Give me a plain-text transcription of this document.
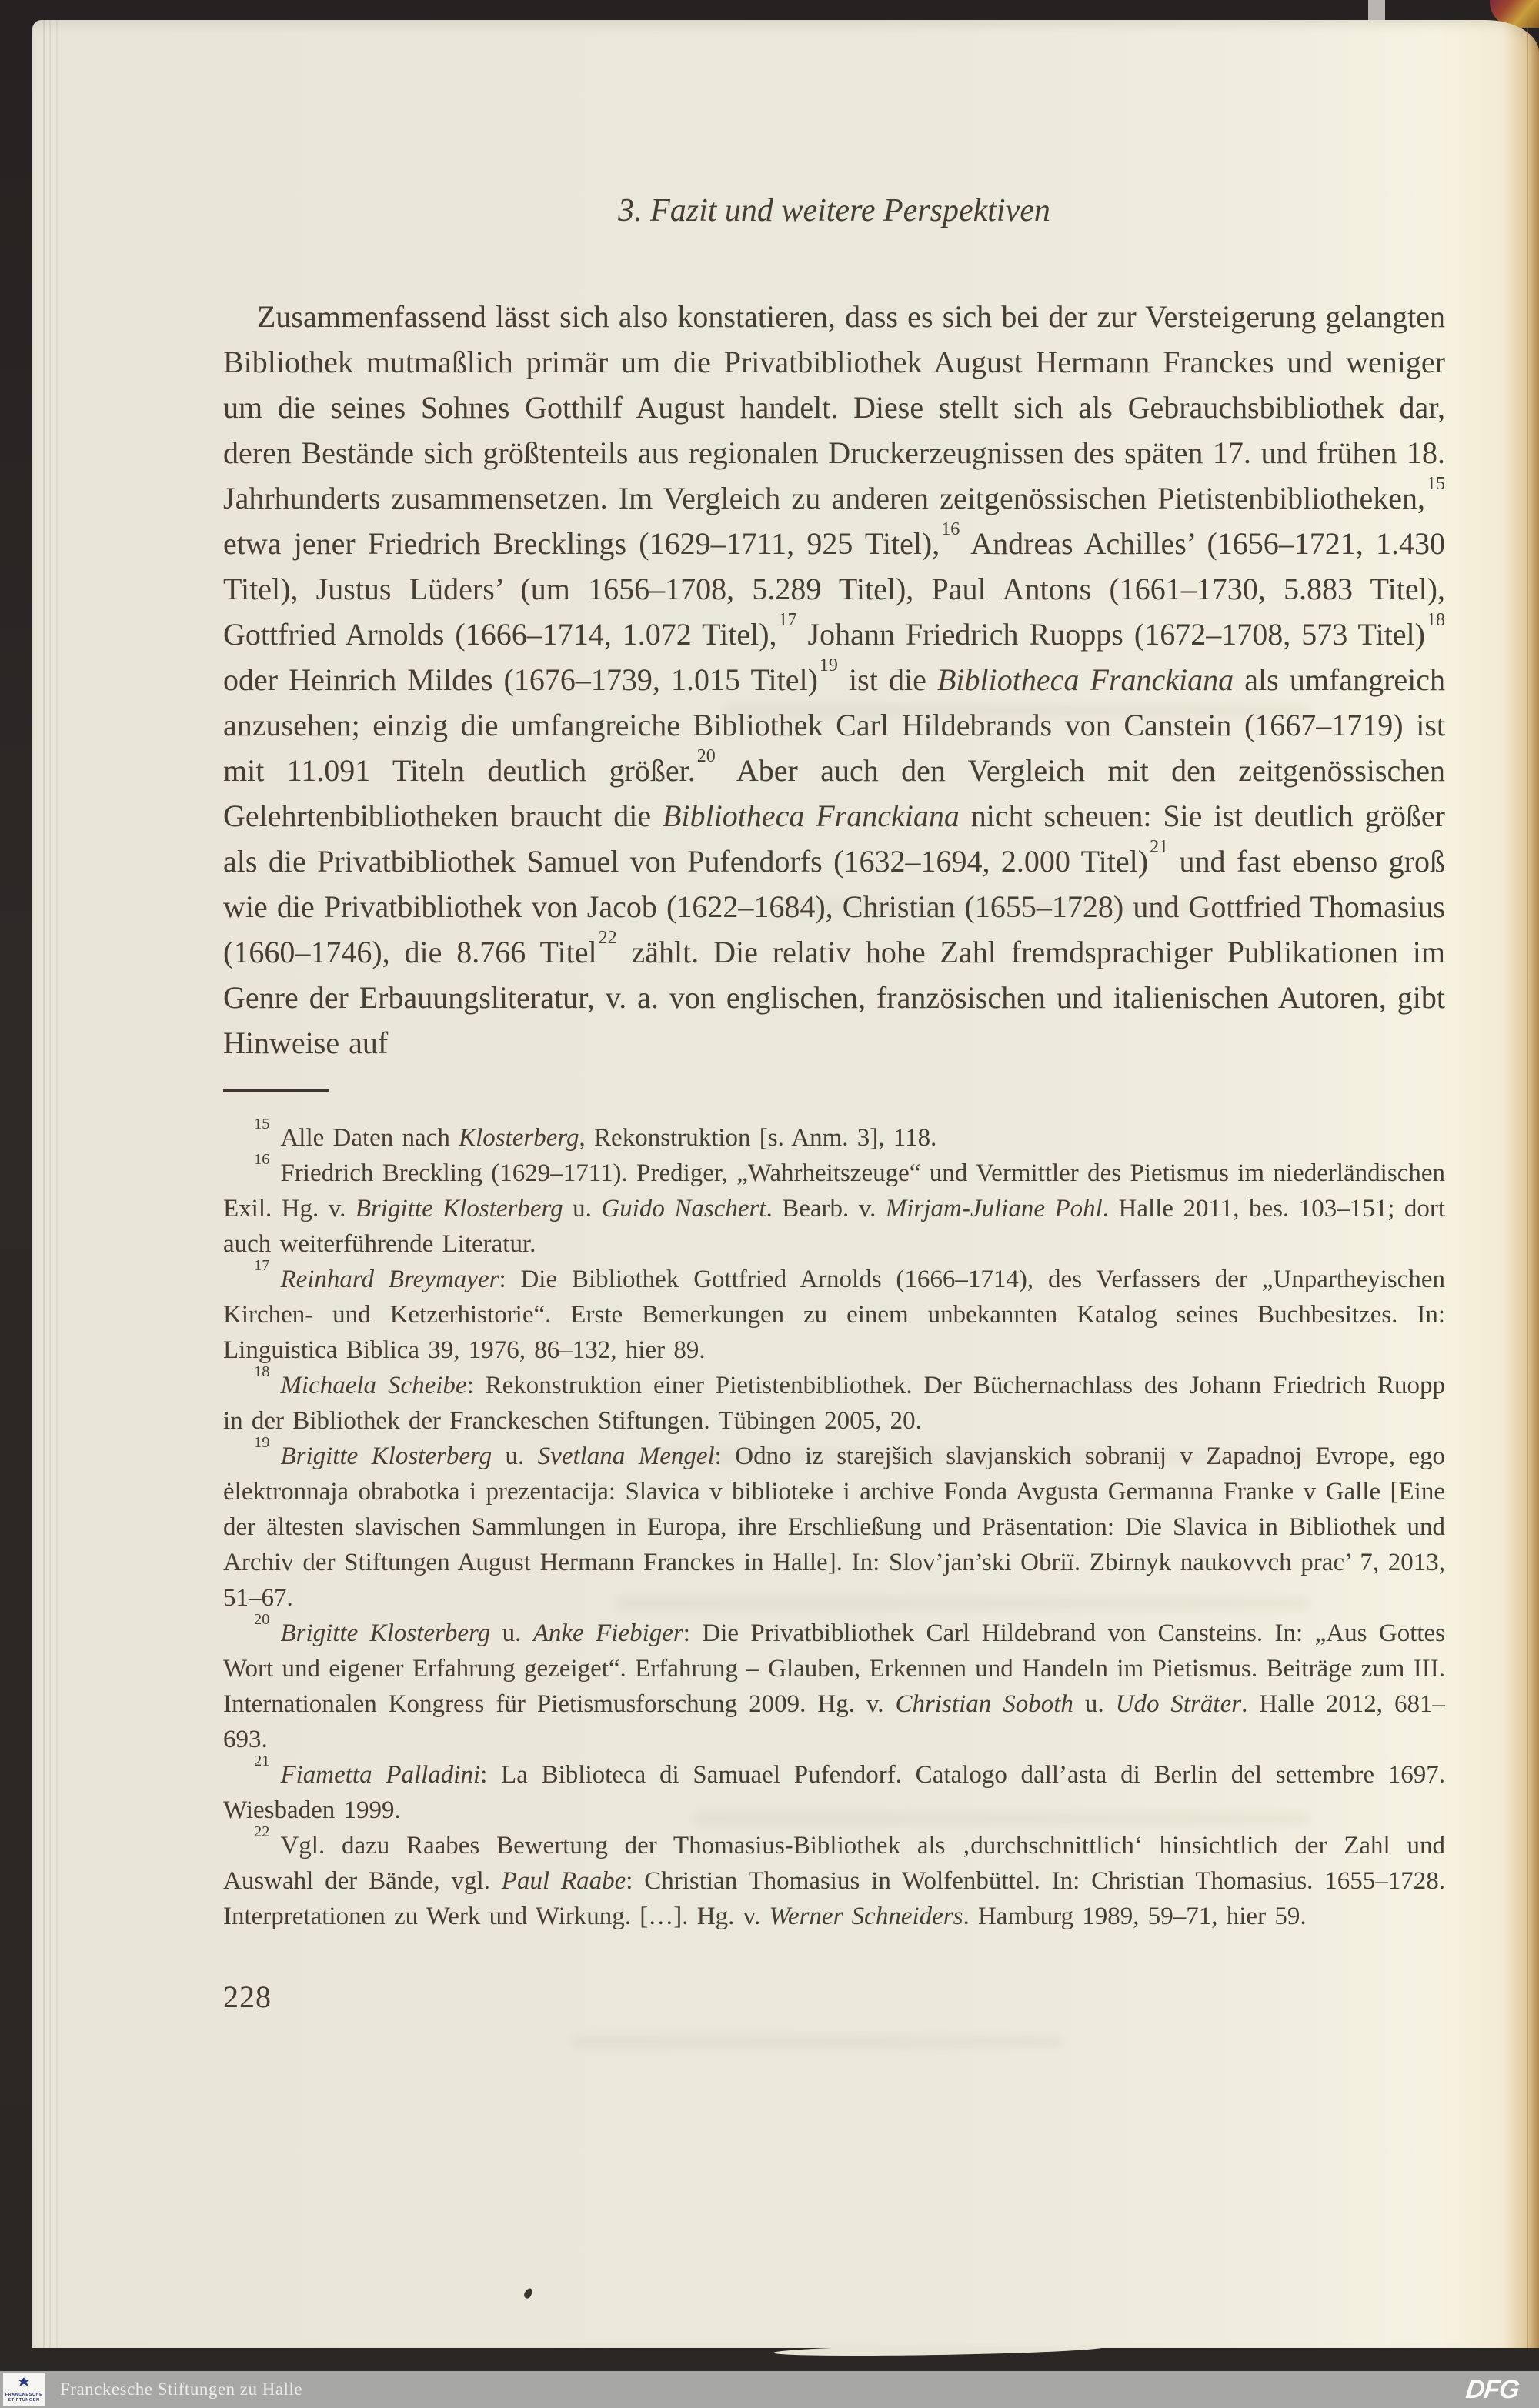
3. Fazit und weitere Perspektiven

Zusammenfassend lässt sich also konstatieren, dass es sich bei der zur Versteigerung gelangten Bibliothek mutmaßlich primär um die Privatbibliothek August Hermann Franckes und weniger um die seines Sohnes Gotthilf August handelt. Diese stellt sich als Gebrauchsbibliothek dar, deren Bestände sich größtenteils aus regionalen Druckerzeugnissen des späten 17. und frühen 18. Jahrhunderts zusammensetzen. Im Vergleich zu anderen zeitgenössischen Pietistenbibliotheken,$^{15}$ etwa jener Friedrich Brecklings (1629–1711, 925 Titel),$^{16}$ Andreas Achilles’ (1656–1721, 1.430 Titel), Justus Lüders’ (um 1656–1708, 5.289 Titel), Paul Antons (1661–1730, 5.883 Titel), Gottfried Arnolds (1666–1714, 1.072 Titel),$^{17}$ Johann Friedrich Ruopps (1672–1708, 573 Titel)$^{18}$ oder Heinrich Mildes (1676–1739, 1.015 Titel)$^{19}$ ist die Bibliotheca Franckiana als umfangreich anzusehen; einzig die umfangreiche Bibliothek Carl Hildebrands von Canstein (1667–1719) ist mit 11.091 Titeln deutlich größer.$^{20}$ Aber auch den Vergleich mit den zeitgenössischen Gelehrtenbibliotheken braucht die Bibliotheca Franckiana nicht scheuen: Sie ist deutlich größer als die Privatbibliothek Samuel von Pufendorfs (1632–1694, 2.000 Titel)$^{21}$ und fast ebenso groß wie die Privatbibliothek von Jacob (1622–1684), Christian (1655–1728) und Gottfried Thomasius (1660–1746), die 8.766 Titel$^{22}$ zählt. Die relativ hohe Zahl fremdsprachiger Publikationen im Genre der Erbauungsliteratur, v. a. von englischen, französischen und italienischen Autoren, gibt Hinweise auf

$^{15}$Alle Daten nach Klosterberg, Rekonstruktion [s. Anm. 3], 118.

$^{16}$Friedrich Breckling (1629–1711). Prediger, „Wahrheitszeuge“ und Vermittler des Pietismus im niederländischen Exil. Hg. v. Brigitte Klosterberg u. Guido Naschert. Bearb. v. Mirjam-Juliane Pohl. Halle 2011, bes. 103–151; dort auch weiterführende Literatur.

$^{17}$Reinhard Breymayer: Die Bibliothek Gottfried Arnolds (1666–1714), des Verfassers der „Unpartheyischen Kirchen- und Ketzerhistorie“. Erste Bemerkungen zu einem unbekannten Katalog seines Buchbesitzes. In: Linguistica Biblica 39, 1976, 86–132, hier 89.

$^{18}$Michaela Scheibe: Rekonstruktion einer Pietistenbibliothek. Der Büchernachlass des Johann Friedrich Ruopp in der Bibliothek der Franckeschen Stiftungen. Tübingen 2005, 20.

$^{19}$Brigitte Klosterberg u. Svetlana Mengel: Odno iz starejšich slavjanskich sobranij v Zapadnoj Evrope, ego ėlektronnaja obrabotka i prezentacija: Slavica v biblioteke i archive Fonda Avgusta Germanna Franke v Galle [Eine der ältesten slavischen Sammlungen in Europa, ihre Erschließung und Präsentation: Die Slavica in Bibliothek und Archiv der Stiftungen August Hermann Franckes in Halle]. In: Slov’jan’ski Obriï. Zbirnyk naukovvch prac’ 7, 2013, 51–67.

$^{20}$Brigitte Klosterberg u. Anke Fiebiger: Die Privatbibliothek Carl Hildebrand von Cansteins. In: „Aus Gottes Wort und eigener Erfahrung gezeiget“. Erfahrung – Glauben, Erkennen und Handeln im Pietismus. Beiträge zum III. Internationalen Kongress für Pietismusforschung 2009. Hg. v. Christian Soboth u. Udo Sträter. Halle 2012, 681–693.

$^{21}$Fiametta Palladini: La Biblioteca di Samuael Pufendorf. Catalogo dall’asta di Berlin del settembre 1697. Wiesbaden 1999.

$^{22}$Vgl. dazu Raabes Bewertung der Thomasius-Bibliothek als ‚durchschnittlich‘ hinsichtlich der Zahl und Auswahl der Bände, vgl. Paul Raabe: Christian Thomasius in Wolfenbüttel. In: Christian Thomasius. 1655–1728. Interpretationen zu Werk und Wirkung. […]. Hg. v. Werner Schneiders. Hamburg 1989, 59–71, hier 59.

228
FRANCKESCHE
STIFTUNGEN
Franckesche Stiftungen zu Halle	DFG
